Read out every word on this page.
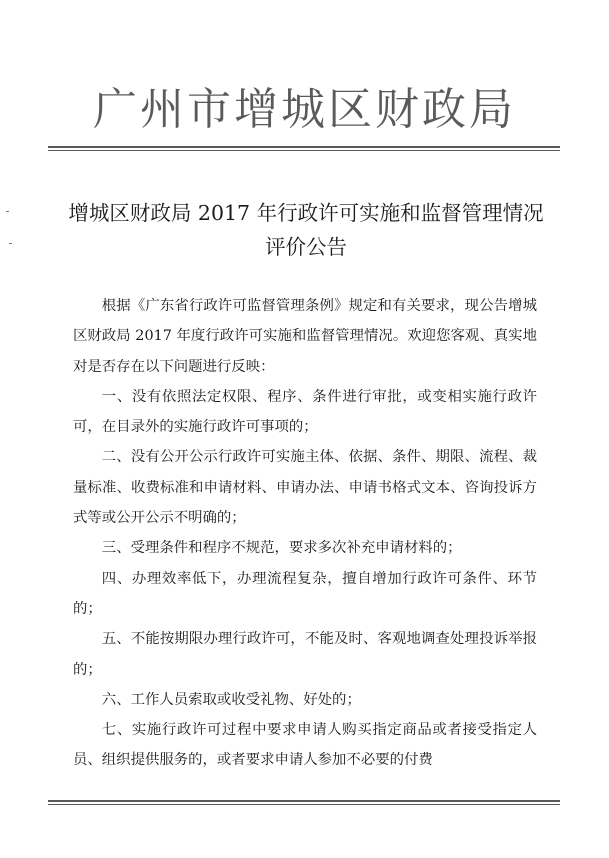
广州市增城区财政局
增城区财政局 2017 年行政许可实施和监督管理情况评价公告

根据《广东省行政许可监督管理条例》规定和有关要求，现公告增城区财政局 2017 年度行政许可实施和监督管理情况。欢迎您客观、真实地对是否存在以下问题进行反映：

一、没有依照法定权限、程序、条件进行审批，或变相实施行政许可，在目录外的实施行政许可事项的；

二、没有公开公示行政许可实施主体、依据、条件、期限、流程、裁量标准、收费标准和申请材料、申请办法、申请书格式文本、咨询投诉方式等或公开公示不明确的；

三、受理条件和程序不规范，要求多次补充申请材料的；

四、办理效率低下，办理流程复杂，擅自增加行政许可条件、环节的；

五、不能按期限办理行政许可，不能及时、客观地调查处理投诉举报的；

六、工作人员索取或收受礼物、好处的；

七、实施行政许可过程中要求申请人购买指定商品或者接受指定人员、组织提供服务的，或者要求申请人参加不必要的付费
